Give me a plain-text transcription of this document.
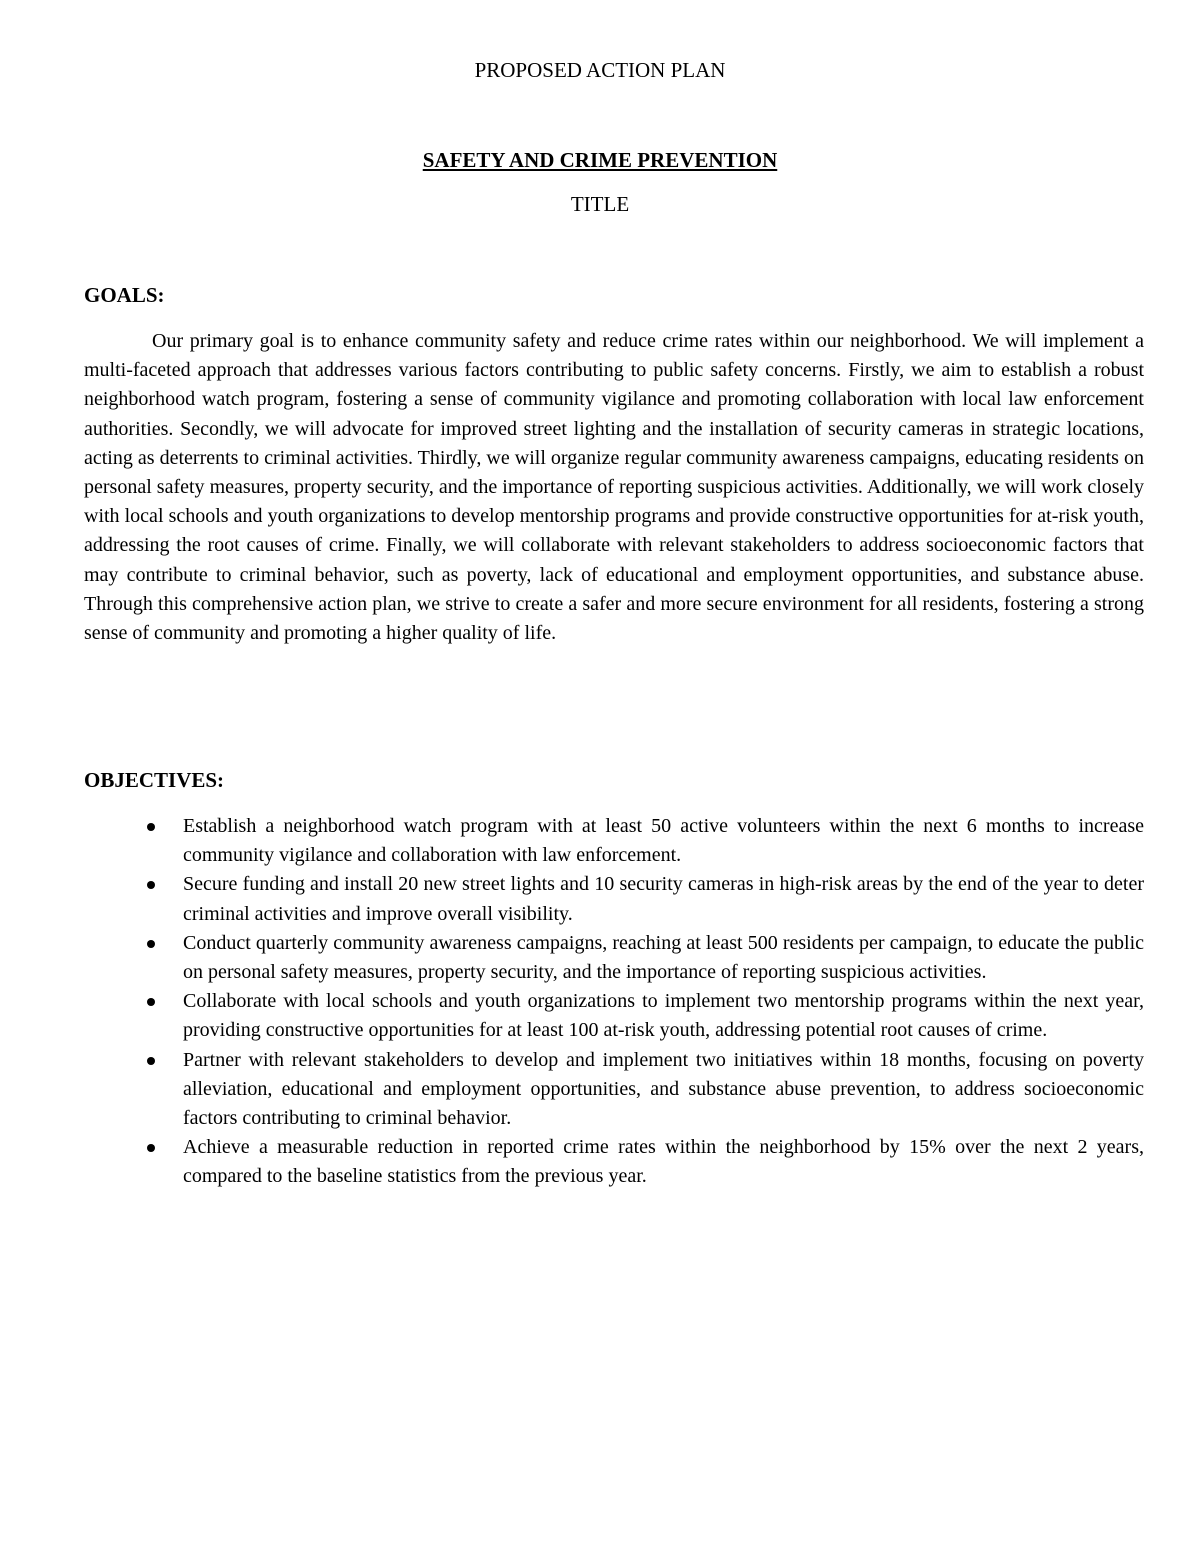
PROPOSED ACTION PLAN
SAFETY AND CRIME PREVENTION
TITLE
GOALS:

Our primary goal is to enhance community safety and reduce crime rates within our neighborhood. We will implement a multi-faceted approach that addresses various factors contributing to public safety concerns. Firstly, we aim to establish a robust neighborhood watch program, fostering a sense of community vigilance and promoting collaboration with local law enforcement authorities. Secondly, we will advocate for improved street lighting and the installation of security cameras in strategic locations, acting as deterrents to criminal activities. Thirdly, we will organize regular community awareness campaigns, educating residents on personal safety measures, property security, and the importance of reporting suspicious activities. Additionally, we will work closely with local schools and youth organizations to develop mentorship programs and provide constructive opportunities for at-risk youth, addressing the root causes of crime. Finally, we will collaborate with relevant stakeholders to address socioeconomic factors that may contribute to criminal behavior, such as poverty, lack of educational and employment opportunities, and substance abuse. Through this comprehensive action plan, we strive to create a safer and more secure environment for all residents, fostering a strong sense of community and promoting a higher quality of life.

OBJECTIVES:
Establish a neighborhood watch program with at least 50 active volunteers within the next 6 months to increase community vigilance and collaboration with law enforcement.
Secure funding and install 20 new street lights and 10 security cameras in high-risk areas by the end of the year to deter criminal activities and improve overall visibility.
Conduct quarterly community awareness campaigns, reaching at least 500 residents per campaign, to educate the public on personal safety measures, property security, and the importance of reporting suspicious activities.
Collaborate with local schools and youth organizations to implement two mentorship programs within the next year, providing constructive opportunities for at least 100 at-risk youth, addressing potential root causes of crime.
Partner with relevant stakeholders to develop and implement two initiatives within 18 months, focusing on poverty alleviation, educational and employment opportunities, and substance abuse prevention, to address socioeconomic factors contributing to criminal behavior.
Achieve a measurable reduction in reported crime rates within the neighborhood by 15% over the next 2 years, compared to the baseline statistics from the previous year.
